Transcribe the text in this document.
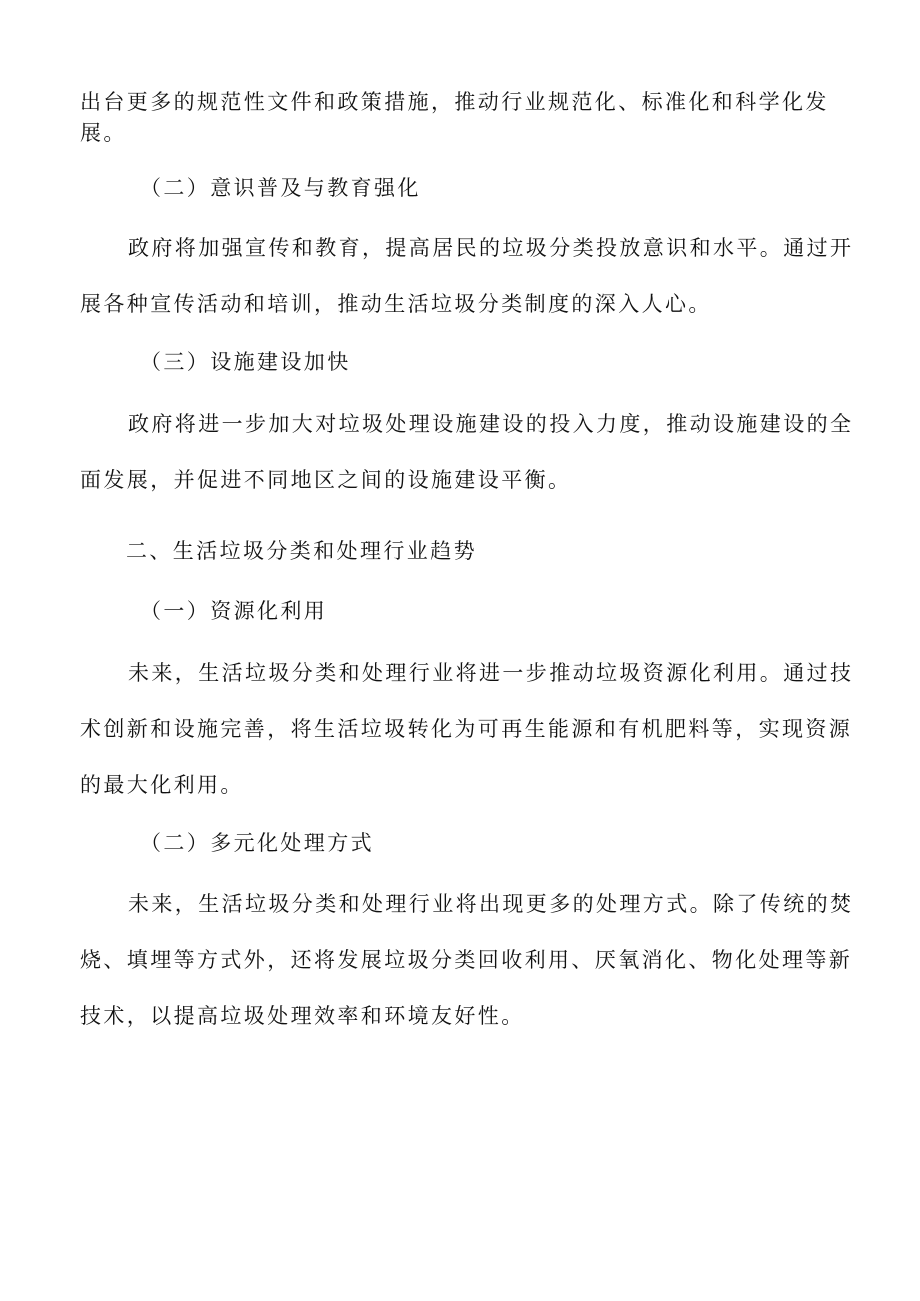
出台更多的规范性文件和政策措施，推动行业规范化、标准化和科学化发
展。

（二）意识普及与教育强化

政府将加强宣传和教育，提高居民的垃圾分类投放意识和水平。通过开
展各种宣传活动和培训，推动生活垃圾分类制度的深入人心。

（三）设施建设加快

政府将进一步加大对垃圾处理设施建设的投入力度，推动设施建设的全
面发展，并促进不同地区之间的设施建设平衡。

二、生活垃圾分类和处理行业趋势

（一）资源化利用

未来，生活垃圾分类和处理行业将进一步推动垃圾资源化利用。通过技
术创新和设施完善，将生活垃圾转化为可再生能源和有机肥料等，实现资源
的最大化利用。

（二）多元化处理方式

未来，生活垃圾分类和处理行业将出现更多的处理方式。除了传统的焚
烧、填埋等方式外，还将发展垃圾分类回收利用、厌氧消化、物化处理等新
技术，以提高垃圾处理效率和环境友好性。
